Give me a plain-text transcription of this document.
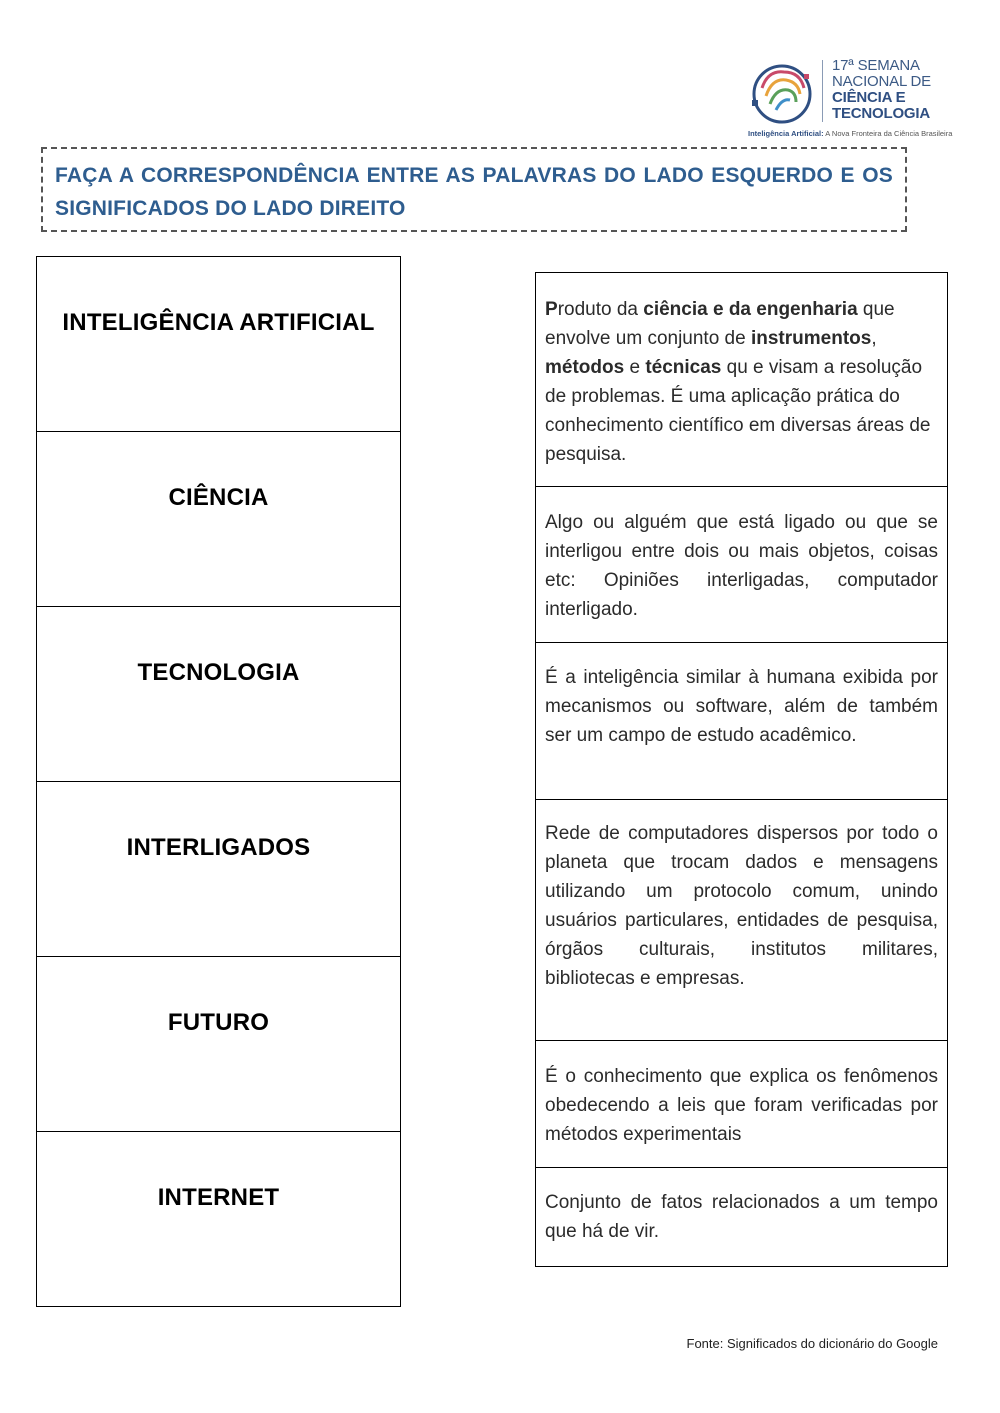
17ª SEMANA
NACIONAL DE
CIÊNCIA E
TECNOLOGIA
Inteligência Artificial: A Nova Fronteira da Ciência Brasileira

FAÇA A CORRESPONDÊNCIA ENTRE AS PALAVRAS DO LADO ESQUERDO E OS SIGNIFICADOS DO LADO DIREITO

INTELIGÊNCIA ARTIFICIAL
CIÊNCIA
TECNOLOGIA
INTERLIGADOS
FUTURO
INTERNET

Produto da ciência e da engenharia que envolve um conjunto de instrumentos, métodos e técnicas qu e visam a resolução de problemas. É uma aplicação prática do conhecimento científico em diversas áreas de pesquisa.

Algo ou alguém que está ligado ou que se interligou entre dois ou mais objetos, coisas etc: Opiniões interligadas, computador interligado.

É a inteligência similar à humana exibida por mecanismos ou software, além de também ser um campo de estudo acadêmico.

Rede de computadores dispersos por todo o planeta que trocam dados e mensagens utilizando um protocolo comum, unindo usuários particulares, entidades de pesquisa, órgãos culturais, institutos militares, bibliotecas e empresas.

É o conhecimento que explica os fenômenos obedecendo a leis que foram verificadas por métodos experimentais

Conjunto de fatos relacionados a um tempo que há de vir.

Fonte: Significados do dicionário do Google
